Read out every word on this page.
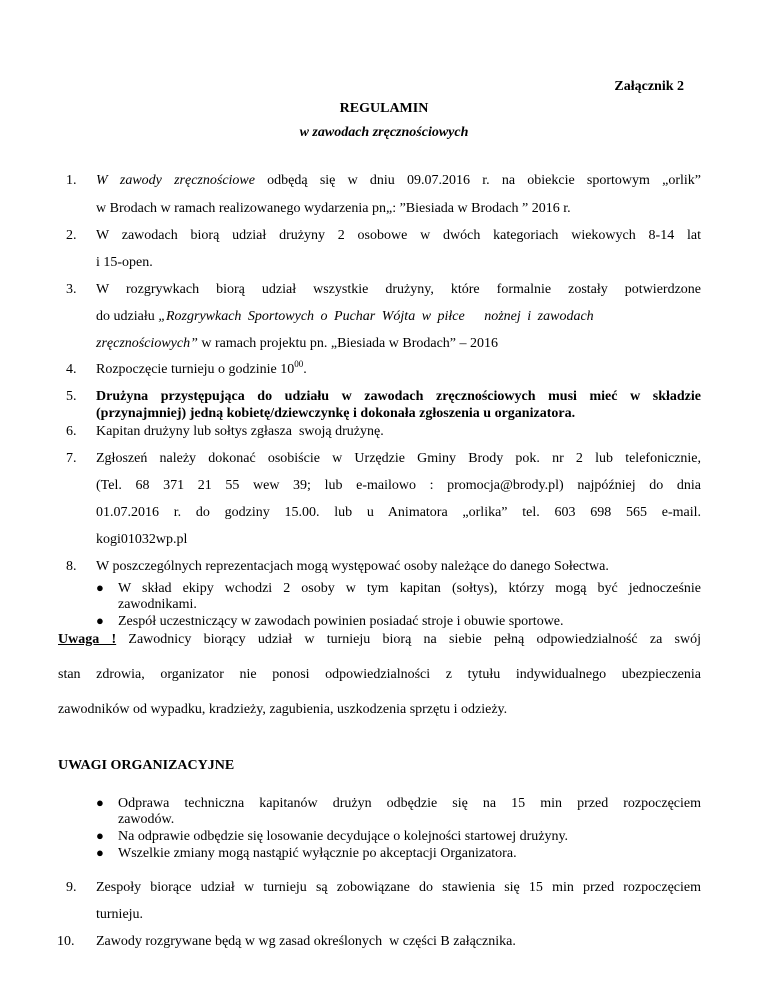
Załącznik 2
REGULAMIN
w zawodach zręcznościowych
1.	W zawody zręcznościowe odbędą się w dniu 09.07.2016 r. na obiekcie sportowym „orlik”
w Brodach w ramach realizowanego wydarzenia pn„: ”Biesiada w Brodach ” 2016 r.
2.	W zawodach biorą udział drużyny 2 osobowe w dwóch kategoriach wiekowych 8-14 lat
i 15-open.
3.	W rozgrywkach biorą udział wszystkie drużyny, które formalnie zostały potwierdzone
do udziału „Rozgrywkach Sportowych o Puchar Wójta w piłce   nożnej i zawodach
zręcznościowych” w ramach projektu pn. „Biesiada w Brodach” – 2016
4.	Rozpoczęcie turnieju o godzinie $10^{00}$.
5.	Drużyna przystępująca do udziału w zawodach zręcznościowych musi mieć w składzie
(przynajmniej) jedną kobietę/dziewczynkę i dokonała zgłoszenia u organizatora.
6.	Kapitan drużyny lub sołtys zgłasza  swoją drużynę.
7.	Zgłoszeń należy dokonać osobiście w Urzędzie Gminy Brody pok. nr 2 lub telefonicznie,
(Tel. 68 371 21 55 wew 39; lub e-mailowo : promocja@brody.pl) najpóźniej do dnia
01.07.2016 r. do godziny 15.00. lub u Animatora „orlika” tel. 603 698 565 e-mail.
kogi01032wp.pl
8.	W poszczególnych reprezentacjach mogą występować osoby należące do danego Sołectwa.
● W skład ekipy wchodzi 2 osoby w tym kapitan (sołtys), którzy mogą być jednocześnie
zawodnikami.
● Zespół uczestniczący w zawodach powinien posiadać stroje i obuwie sportowe.
Uwaga ! Zawodnicy biorący udział w turnieju biorą na siebie pełną odpowiedzialność za swój
stan zdrowia, organizator nie ponosi odpowiedzialności z tytułu indywidualnego ubezpieczenia
zawodników od wypadku, kradzieży, zagubienia, uszkodzenia sprzętu i odzieży.
UWAGI ORGANIZACYJNE
● Odprawa techniczna kapitanów drużyn odbędzie się na 15 min przed rozpoczęciem
zawodów.
● Na odprawie odbędzie się losowanie decydujące o kolejności startowej drużyny.
● Wszelkie zmiany mogą nastąpić wyłącznie po akceptacji Organizatora.
9.	Zespoły biorące udział w turnieju są zobowiązane do stawienia się 15 min przed rozpoczęciem
turnieju.
10.	Zawody rozgrywane będą w wg zasad określonych  w części B załącznika.
